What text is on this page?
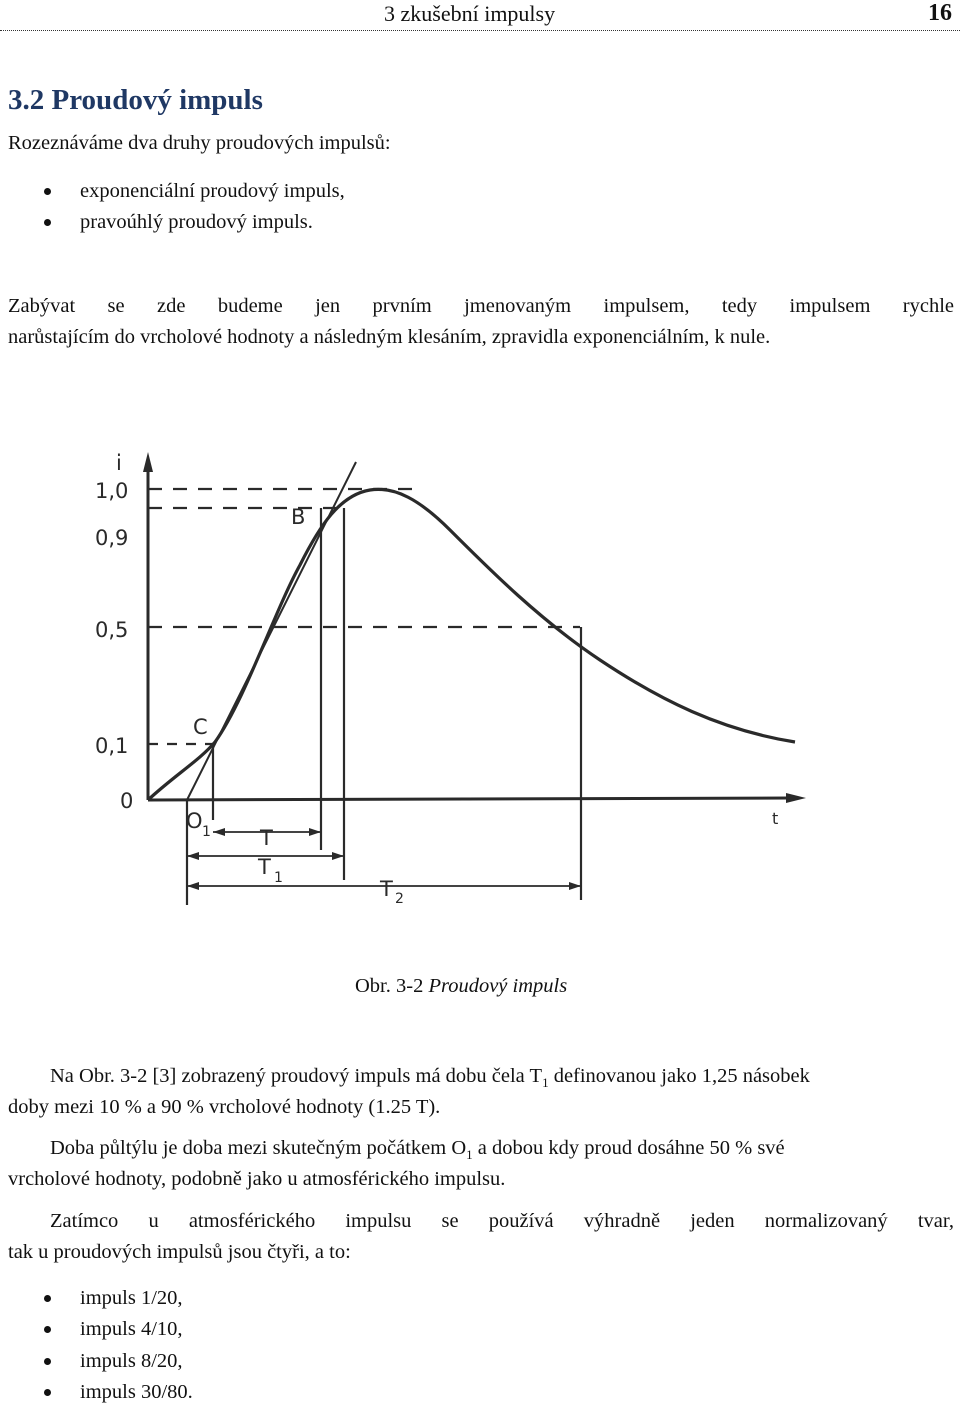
3 zkušební impulsy	16
3.2 Proudový impuls

Rozeznáváme dva druhy proudových impulsů:

exponenciální proudový impuls,
pravoúhlý proudový impuls.

Zabývat se zde budeme jen prvním jmenovaným impulsem, tedy impulsem rychle

narůstajícím do vrcholové hodnoty a následným klesáním, zpravidla exponenciálním, k nule.

i
t
1,0
0,9
0,5
0,1
0
B
C
O 1 T
T 1	T 2
Obr. 3-2 Proudový impuls

Na Obr. 3-2 [3] zobrazený proudový impuls má dobu čela $T_1$ definovanou jako 1,25 násobek

doby mezi 10 % a 90 % vrcholové hodnoty (1.25 T).

Doba půltýlu je doba mezi skutečným počátkem $O_1$ a dobou kdy proud dosáhne 50 % své

vrcholové hodnoty, podobně jako u atmosférického impulsu.

Zatímco u atmosférického impulsu se používá výhradně jeden normalizovaný tvar,

tak u proudových impulsů jsou čtyři, a to:

impuls 1/20,
impuls 4/10,
impuls 8/20,
impuls 30/80.
